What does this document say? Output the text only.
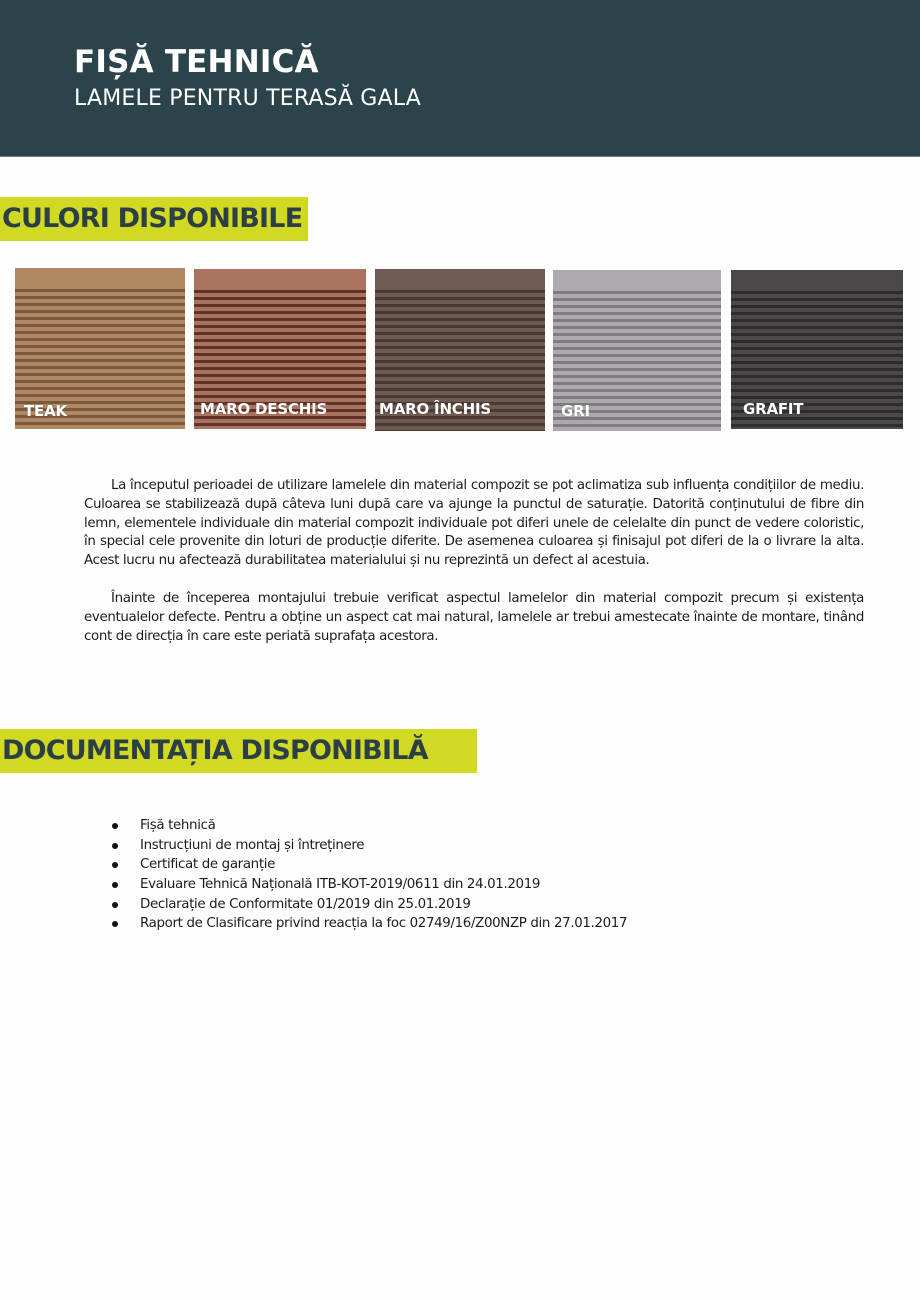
FIȘĂ TEHNICĂ
LAMELE PENTRU TERASĂ GALA
CULORI DISPONIBILE
TEAK	MARO DESCHIS	MARO ÎNCHIS	GRI	GRAFIT
La începutul perioadei de utilizare lamelele din material compozit se pot aclimatiza sub influența condițiilor de mediu. Culoarea se stabilizează după câteva luni după care va ajunge la punctul de saturație. Datorită conținutului de fibre din lemn, elementele individuale din material compozit individuale pot diferi unele de celelalte din punct de vedere coloristic, în special cele provenite din loturi de producție diferite. De asemenea culoarea și finisajul pot diferi de la o livrare la alta. Acest lucru nu afectează durabilitatea materialului și nu reprezintă un defect al acestuia.
Înainte de începerea montajului trebuie verificat aspectul lamelelor din material compozit precum și existența eventualelor defecte. Pentru a obține un aspect cat mai natural, lamelele ar trebui amestecate înainte de montare, tinând cont de direcția în care este periată suprafața acestora.
DOCUMENTAȚIA DISPONIBILĂ
Fișă tehnică
Instrucțiuni de montaj și întreținere
Certificat de garanție
Evaluare Tehnică Națională ITB-KOT-2019/0611 din 24.01.2019
Declarație de Conformitate 01/2019 din 25.01.2019
Raport de Clasificare privind reacția la foc 02749/16/Z00NZP din 27.01.2017
